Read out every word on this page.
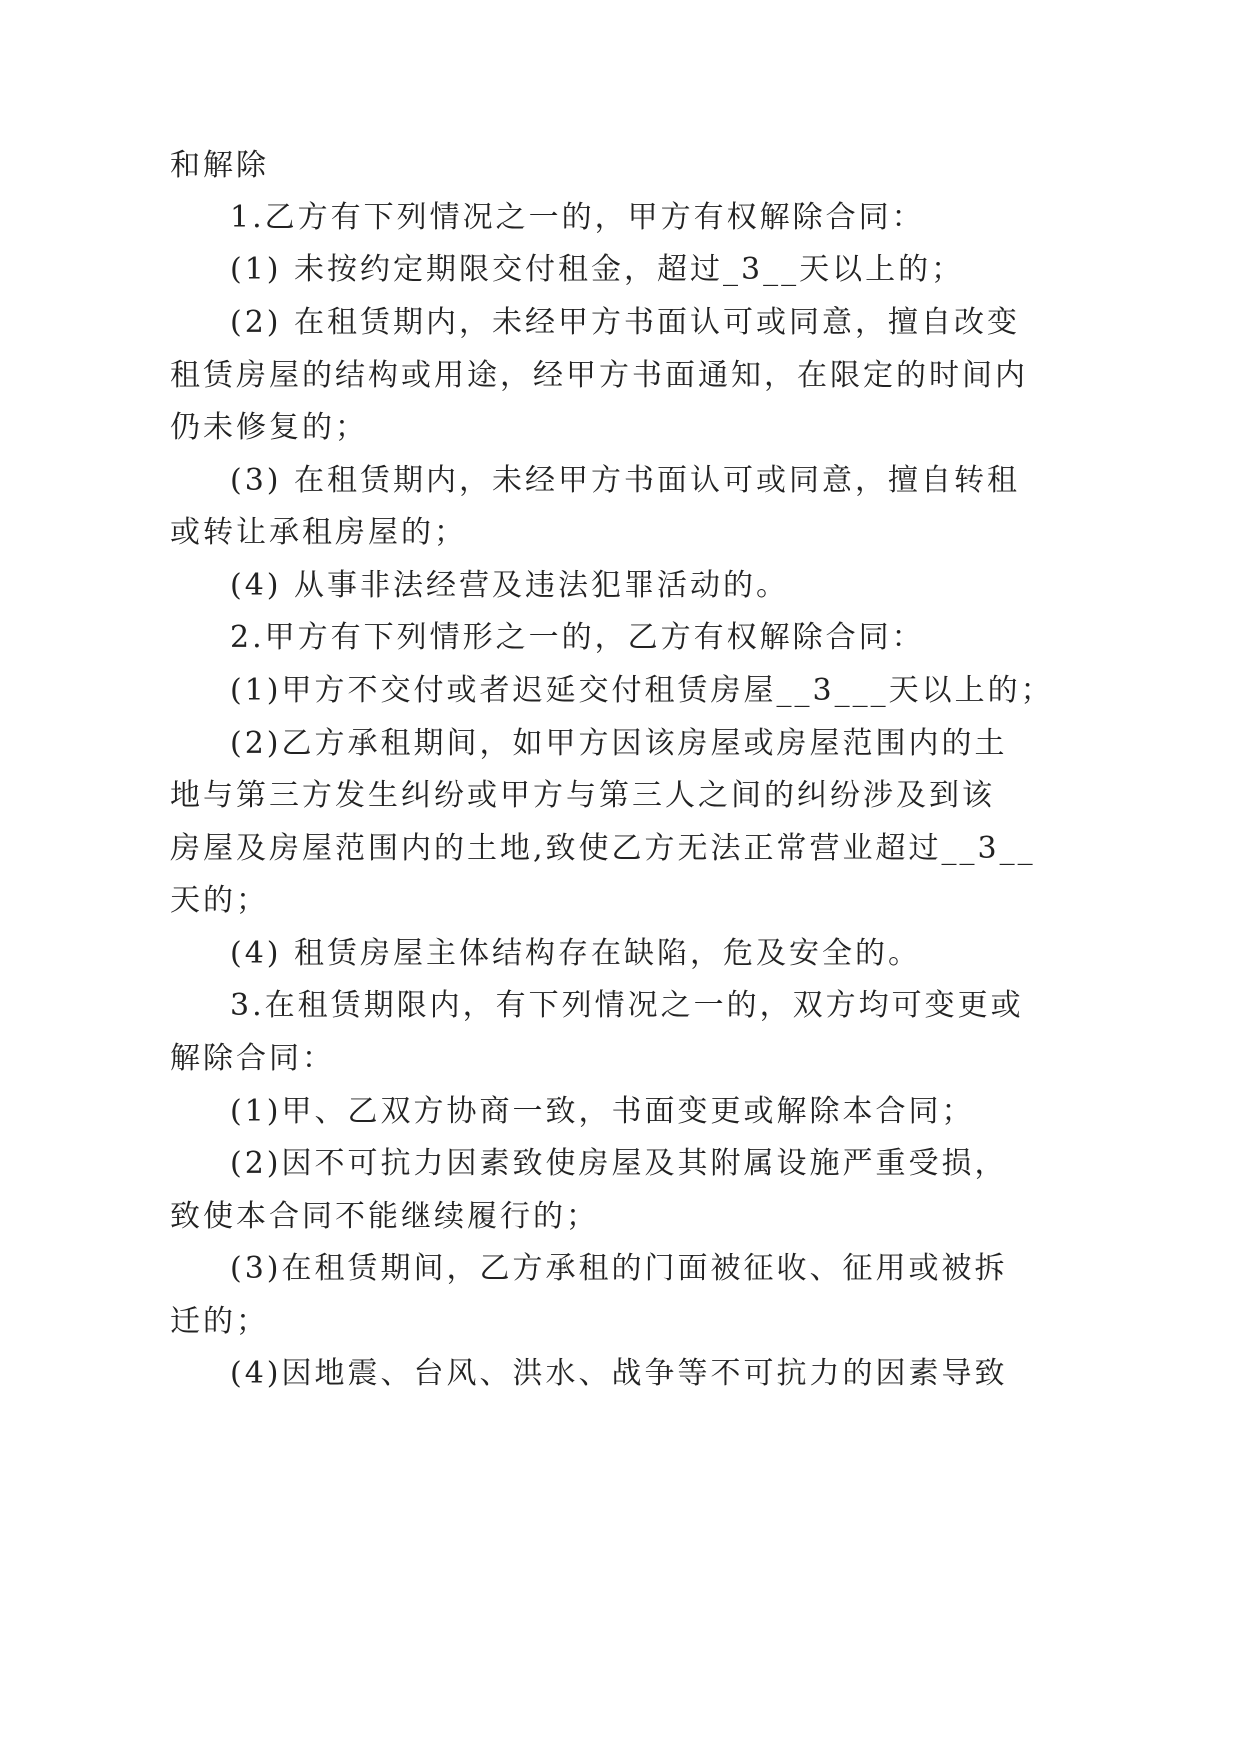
和解除
1.乙方有下列情况之一的，甲方有权解除合同：
(1) 未按约定期限交付租金，超过_3__天以上的；
(2) 在租赁期内，未经甲方书面认可或同意，擅自改变
租赁房屋的结构或用途，经甲方书面通知，在限定的时间内
仍未修复的；
(3) 在租赁期内，未经甲方书面认可或同意，擅自转租
或转让承租房屋的；
(4) 从事非法经营及违法犯罪活动的。
2.甲方有下列情形之一的，乙方有权解除合同：
(1)甲方不交付或者迟延交付租赁房屋__3___天以上的；
(2)乙方承租期间，如甲方因该房屋或房屋范围内的土
地与第三方发生纠纷或甲方与第三人之间的纠纷涉及到该
房屋及房屋范围内的土地,致使乙方无法正常营业超过__3__
天的；
(4) 租赁房屋主体结构存在缺陷，危及安全的。
3.在租赁期限内，有下列情况之一的，双方均可变更或
解除合同：
(1)甲、乙双方协商一致，书面变更或解除本合同；
(2)因不可抗力因素致使房屋及其附属设施严重受损，
致使本合同不能继续履行的；
(3)在租赁期间，乙方承租的门面被征收、征用或被拆
迁的；
(4)因地震、台风、洪水、战争等不可抗力的因素导致
